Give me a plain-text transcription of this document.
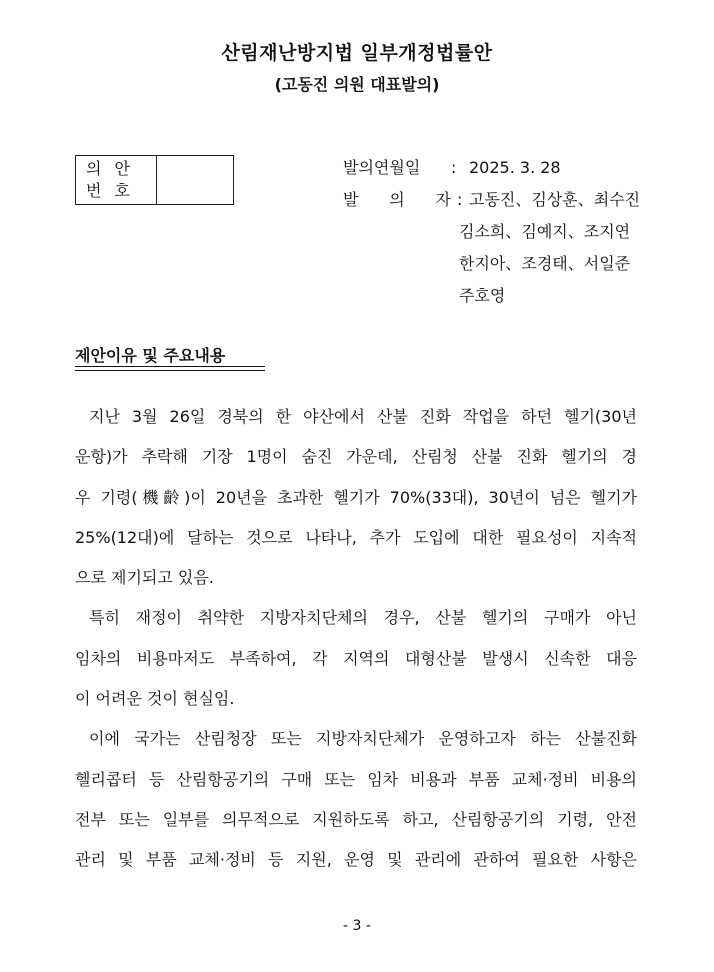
산림재난방지법 일부개정법률안
(고동진 의원 대표발의)
의 안
번 호
발의연월일	: 2025. 3. 28
발 의 자 : 고동진、김상훈、최수진
김소희、김예지、조지연
한지아、조경태、서일준
주호영
제안이유 및 주요내용
지난 3월 26일 경북의 한 야산에서 산불 진화 작업을 하던 헬기(30년
운항)가 추락해 기장 1명이 숨진 가운데, 산림청 산불 진화 헬기의 경
우 기령(機齡)이 20년을 초과한 헬기가 70%(33대), 30년이 넘은 헬기가
25%(12대)에 달하는 것으로 나타나, 추가 도입에 대한 필요성이 지속적
으로 제기되고 있음.
특히 재정이 취약한 지방자치단체의 경우, 산불 헬기의 구매가 아닌
임차의 비용마저도 부족하여, 각 지역의 대형산불 발생시 신속한 대응
이 어려운 것이 현실임.
이에 국가는 산림청장 또는 지방자치단체가 운영하고자 하는 산불진화
헬리콥터 등 산림항공기의 구매 또는 임차 비용과 부품 교체·정비 비용의
전부 또는 일부를 의무적으로 지원하도록 하고, 산림항공기의 기령, 안전
관리 및 부품 교체·정비 등 지원, 운영 및 관리에 관하여 필요한 사항은
- 3 -
